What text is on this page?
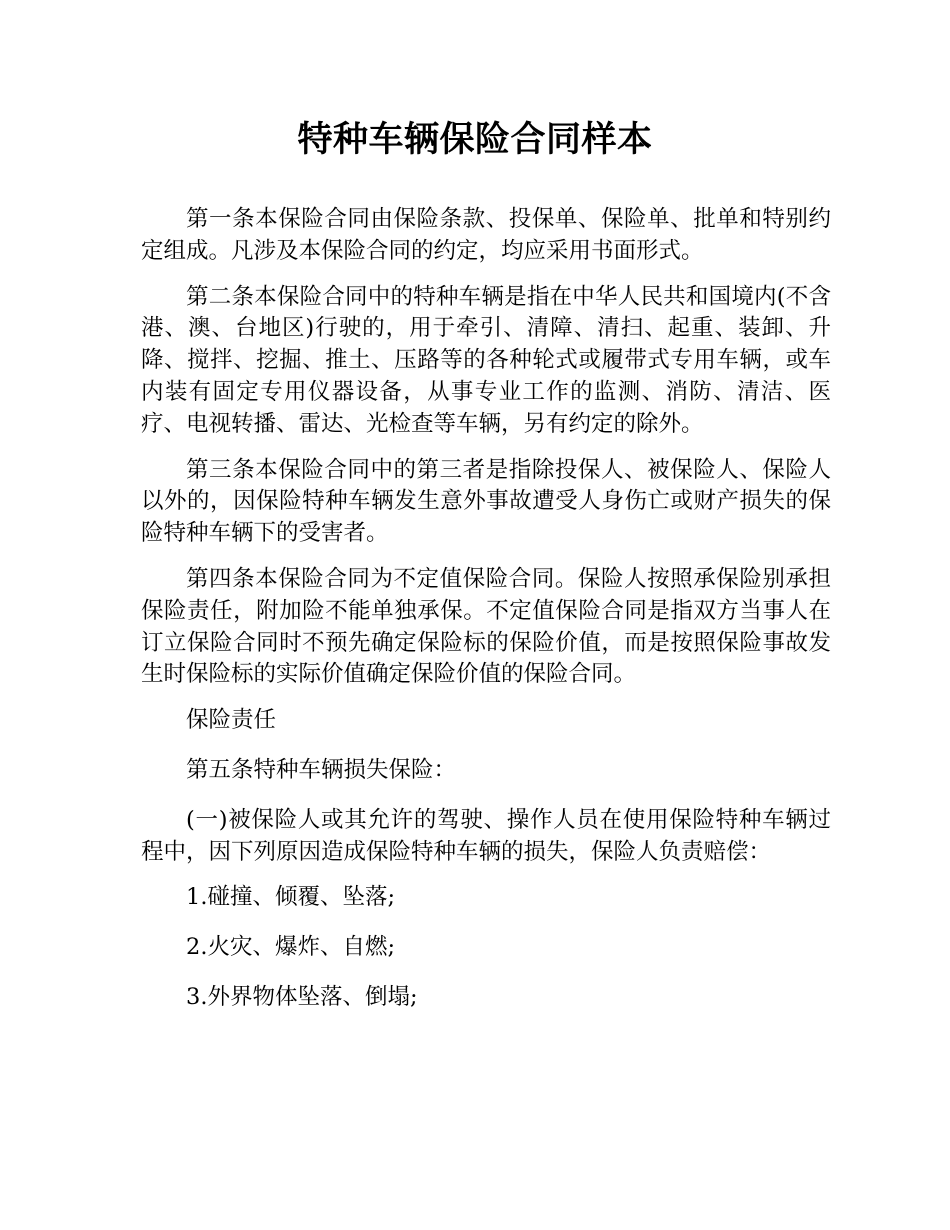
特种车辆保险合同样本

第一条本保险合同由保险条款、投保单、保险单、批单和特别约定组成。凡涉及本保险合同的约定，均应采用书面形式。

第二条本保险合同中的特种车辆是指在中华人民共和国境内(不含港、澳、台地区)行驶的，用于牵引、清障、清扫、起重、装卸、升降、搅拌、挖掘、推土、压路等的各种轮式或履带式专用车辆，或车内装有固定专用仪器设备，从事专业工作的监测、消防、清洁、医疗、电视转播、雷达、光检查等车辆，另有约定的除外。

第三条本保险合同中的第三者是指除投保人、被保险人、保险人以外的，因保险特种车辆发生意外事故遭受人身伤亡或财产损失的保险特种车辆下的受害者。

第四条本保险合同为不定值保险合同。保险人按照承保险别承担保险责任，附加险不能单独承保。不定值保险合同是指双方当事人在订立保险合同时不预先确定保险标的保险价值，而是按照保险事故发生时保险标的实际价值确定保险价值的保险合同。

保险责任

第五条特种车辆损失保险：

(一)被保险人或其允许的驾驶、操作人员在使用保险特种车辆过程中，因下列原因造成保险特种车辆的损失，保险人负责赔偿：

1.碰撞、倾覆、坠落;

2.火灾、爆炸、自燃;

3.外界物体坠落、倒塌;
